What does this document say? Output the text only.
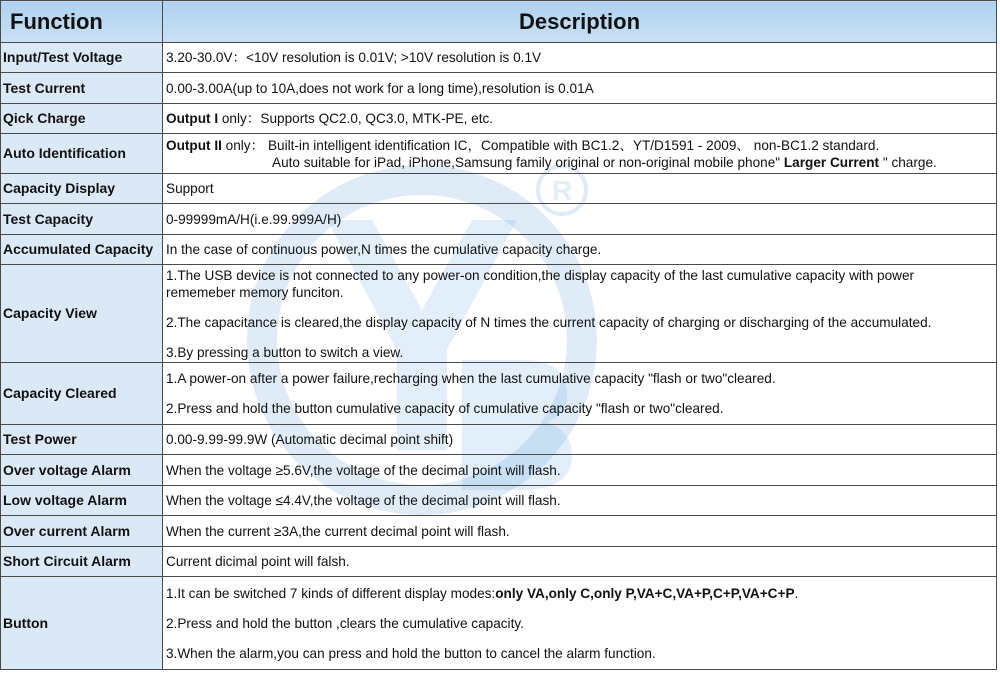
R
Function	Description
Input/Test Voltage	3.20-30.0V：<10V resolution is 0.01V; >10V resolution is 0.1V

Test Current	0.00-3.00A(up to 10A,does not work for a long time),resolution is 0.01A

Qick Charge	Output I only：Supports QC2.0, QC3.0, MTK-PE, etc.

Auto Identification	Output II only： Built-in intelligent identification IC，Compatible with BC1.2、YT/D1591 - 2009、 non-BC1.2 standard.
Auto suitable for iPad, iPhone,Samsung family original or non-original mobile phone" Larger Current " charge.

Capacity Display	Support

Test Capacity	0-99999mA/H(i.e.99.999A/H)

Accumulated Capacity	In the case of continuous power,N times the cumulative capacity charge.

Capacity View	1.The USB device is not connected to any power-on condition,the display capacity of the last cumulative capacity with power
rememeber memory funciton.
2.The capacitance is cleared,the display capacity of N times the current capacity of charging or discharging of the accumulated.
3.By pressing a button to switch a view.

Capacity Cleared	1.A power-on after a power failure,recharging when the last cumulative capacity "flash or two"cleared.
2.Press and hold the button cumulative capacity of cumulative capacity "flash or two"cleared.

Test Power	0.00-9.99-99.9W (Automatic decimal point shift)

Over voltage Alarm	When the voltage ≥5.6V,the voltage of the decimal point will flash.

Low voltage Alarm	When the voltage ≤4.4V,the voltage of the decimal point will flash.

Over current Alarm	When the current ≥3A,the current decimal point will flash.

Short Circuit Alarm	Current dicimal point will falsh.

Button	1.It can be switched 7 kinds of different display modes:only VA,only C,only P,VA+C,VA+P,C+P,VA+C+P.
2.Press and hold the button ,clears the cumulative capacity.
3.When the alarm,you can press and hold the button to cancel the alarm function.
